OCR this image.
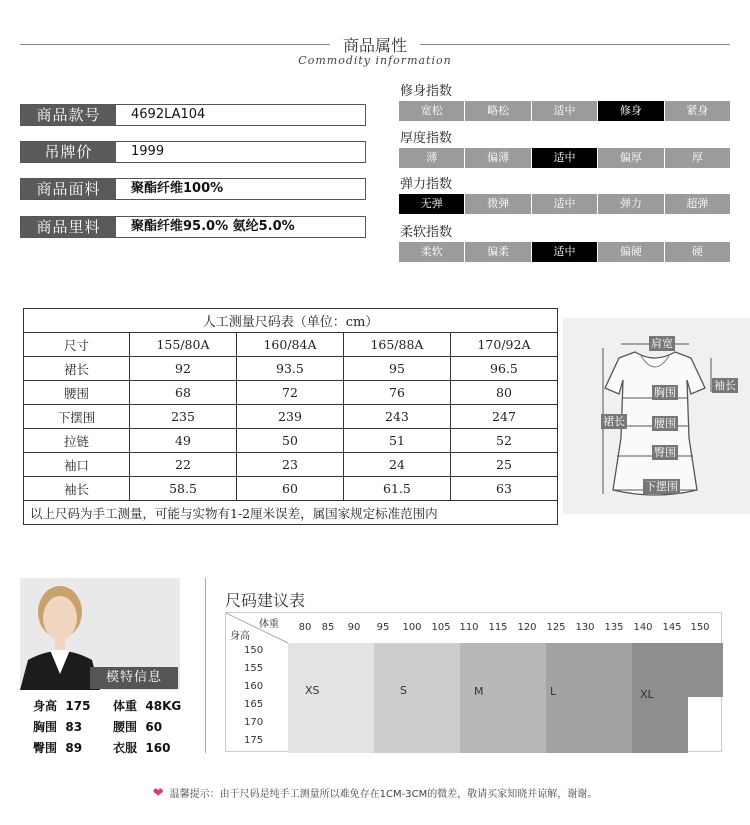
商品属性
Commodity information
商品款号	4692LA104
吊牌价	1999
商品面料	聚酯纤维100%
商品里料	聚酯纤维95.0% 氨纶5.0%
修身指数
宽松	略松	适中	修身	紧身
厚度指数
薄	偏薄	适中	偏厚	厚
弹力指数
无弹	微弹	适中	弹力	超弹
柔软指数
柔软	偏柔	适中	偏硬	硬
人工测量尺码表（单位：cm）				
尺寸	155/80A	160/84A	165/88A	170/92A
裙长	92	93.5	95	96.5
腰围	68	72	76	80
下摆围	235	239	243	247
拉链	49	50	51	52
袖口	22	23	24	25
袖长	58.5	60	61.5	63
以上尺码为手工测量，可能与实物有1-2厘米误差，属国家规定标准范围内				
肩宽
袖长
胸围
裙长	腰围
臀围
下摆围
模特信息
身高 175 体重 48KG
胸围 83	腰围 60
臀围 89	衣服 160
尺码建议表
体重
身高
80	85	90	95	100 105 110 115 120 125 130 135 140 145 150
150
155
160
165
170
175
XS	S	M	L	XL
❤ 温馨提示：由于尺码是纯手工测量所以难免存在1CM-3CM的微差，敬请买家知晓并谅解，谢谢。
